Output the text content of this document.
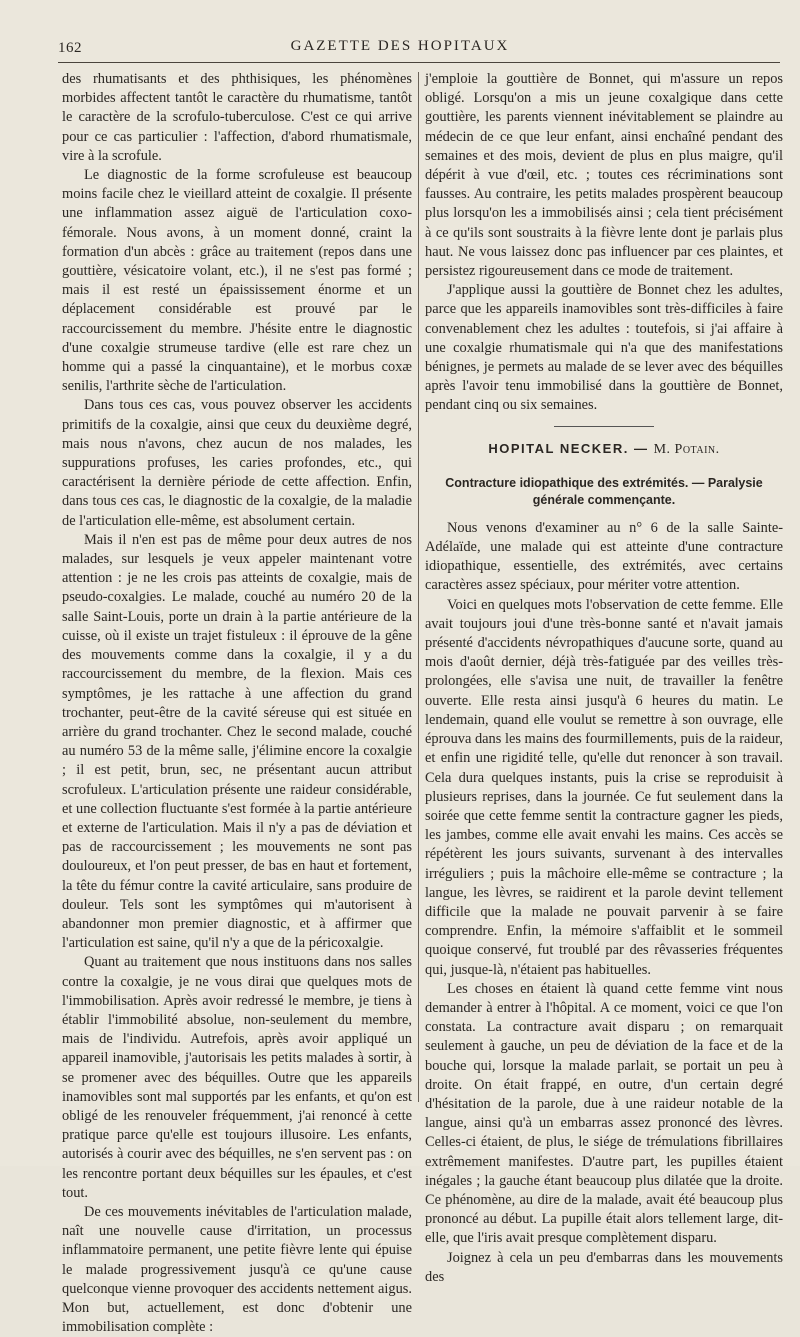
162	GAZETTE DES HOPITAUX

des rhumatisants et des phthisiques, les phénomènes morbides affectent tantôt le caractère du rhumatisme, tantôt le caractère de la scrofulo-tuberculose. C'est ce qui arrive pour ce cas particulier : l'affection, d'abord rhumatismale, vire à la scrofule.

Le diagnostic de la forme scrofuleuse est beaucoup moins facile chez le vieillard atteint de coxalgie. Il présente une inflammation assez aiguë de l'articulation coxo-fémorale. Nous avons, à un moment donné, craint la formation d'un abcès : grâce au traitement (repos dans une gouttière, vésicatoire volant, etc.), il ne s'est pas formé ; mais il est resté un épaississement énorme et un déplacement considérable est prouvé par le raccourcissement du membre. J'hésite entre le diagnostic d'une coxalgie strumeuse tardive (elle est rare chez un homme qui a passé la cinquantaine), et le morbus coxæ senilis, l'arthrite sèche de l'articulation.

Dans tous ces cas, vous pouvez observer les accidents primitifs de la coxalgie, ainsi que ceux du deuxième degré, mais nous n'avons, chez aucun de nos malades, les suppurations profuses, les caries profondes, etc., qui caractérisent la dernière période de cette affection. Enfin, dans tous ces cas, le diagnostic de la coxalgie, de la maladie de l'articulation elle-même, est absolument certain.

Mais il n'en est pas de même pour deux autres de nos malades, sur lesquels je veux appeler maintenant votre attention : je ne les crois pas atteints de coxalgie, mais de pseudo-coxalgies. Le malade, couché au numéro 20 de la salle Saint-Louis, porte un drain à la partie antérieure de la cuisse, où il existe un trajet fistuleux : il éprouve de la gêne des mouvements comme dans la coxalgie, il y a du raccourcissement du membre, de la flexion. Mais ces symptômes, je les rattache à une affection du grand trochanter, peut-être de la cavité séreuse qui est située en arrière du grand trochanter. Chez le second malade, couché au numéro 53 de la même salle, j'élimine encore la coxalgie ; il est petit, brun, sec, ne présentant aucun attribut scrofuleux. L'articulation présente une raideur considérable, et une collection fluctuante s'est formée à la partie antérieure et externe de l'articulation. Mais il n'y a pas de déviation et pas de raccourcissement ; les mouvements ne sont pas douloureux, et l'on peut presser, de bas en haut et fortement, la tête du fémur contre la cavité articulaire, sans produire de douleur. Tels sont les symptômes qui m'autorisent à abandonner mon premier diagnostic, et à affirmer que l'articulation est saine, qu'il n'y a que de la péricoxalgie.

Quant au traitement que nous instituons dans nos salles contre la coxalgie, je ne vous dirai que quelques mots de l'immobilisation. Après avoir redressé le membre, je tiens à établir l'immobilité absolue, non-seulement du membre, mais de l'individu. Autrefois, après avoir appliqué un appareil inamovible, j'autorisais les petits malades à sortir, à se promener avec des béquilles. Outre que les appareils inamovibles sont mal supportés par les enfants, et qu'on est obligé de les renouveler fréquemment, j'ai renoncé à cette pratique parce qu'elle est toujours illusoire. Les enfants, autorisés à courir avec des béquilles, ne s'en servent pas : on les rencontre portant deux béquilles sur les épaules, et c'est tout.

De ces mouvements inévitables de l'articulation malade, naît une nouvelle cause d'irritation, un processus inflammatoire permanent, une petite fièvre lente qui épuise le malade progressivement jusqu'à ce qu'une cause quelconque vienne provoquer des accidents nettement aigus. Mon but, actuellement, est donc d'obtenir une immobilisation complète :

j'emploie la gouttière de Bonnet, qui m'assure un repos obligé. Lorsqu'on a mis un jeune coxalgique dans cette gouttière, les parents viennent inévitablement se plaindre au médecin de ce que leur enfant, ainsi enchaîné pendant des semaines et des mois, devient de plus en plus maigre, qu'il dépérit à vue d'œil, etc. ; toutes ces récriminations sont fausses. Au contraire, les petits malades prospèrent beaucoup plus lorsqu'on les a immobilisés ainsi ; cela tient précisément à ce qu'ils sont soustraits à la fièvre lente dont je parlais plus haut. Ne vous laissez donc pas influencer par ces plaintes, et persistez rigoureusement dans ce mode de traitement.

J'applique aussi la gouttière de Bonnet chez les adultes, parce que les appareils inamovibles sont très-difficiles à faire convenablement chez les adultes : toutefois, si j'ai affaire à une coxalgie rhumatismale qui n'a que des manifestations bénignes, je permets au malade de se lever avec des béquilles après l'avoir tenu immobilisé dans la gouttière de Bonnet, pendant cinq ou six semaines.

HOPITAL NECKER. — M. Potain.
Contracture idiopathique des extrémités. — Paralysie générale commençante.

Nous venons d'examiner au n° 6 de la salle Sainte-Adélaïde, une malade qui est atteinte d'une contracture idiopathique, essentielle, des extrémités, avec certains caractères assez spéciaux, pour mériter votre attention.

Voici en quelques mots l'observation de cette femme. Elle avait toujours joui d'une très-bonne santé et n'avait jamais présenté d'accidents névropathiques d'aucune sorte, quand au mois d'août dernier, déjà très-fatiguée par des veilles très-prolongées, elle s'avisa une nuit, de travailler la fenêtre ouverte. Elle resta ainsi jusqu'à 6 heures du matin. Le lendemain, quand elle voulut se remettre à son ouvrage, elle éprouva dans les mains des fourmillements, puis de la raideur, et enfin une rigidité telle, qu'elle dut renoncer à son travail. Cela dura quelques instants, puis la crise se reproduisit à plusieurs reprises, dans la journée. Ce fut seulement dans la soirée que cette femme sentit la contracture gagner les pieds, les jambes, comme elle avait envahi les mains. Ces accès se répétèrent les jours suivants, survenant à des intervalles irréguliers ; puis la mâchoire elle-même se contracture ; la langue, les lèvres, se raidirent et la parole devint tellement difficile que la malade ne pouvait parvenir à se faire comprendre. Enfin, la mémoire s'affaiblit et le sommeil quoique conservé, fut troublé par des rêvasseries fréquentes qui, jusque-là, n'étaient pas habituelles.

Les choses en étaient là quand cette femme vint nous demander à entrer à l'hôpital. A ce moment, voici ce que l'on constata. La contracture avait disparu ; on remarquait seulement à gauche, un peu de déviation de la face et de la bouche qui, lorsque la malade parlait, se portait un peu à droite. On était frappé, en outre, d'un certain degré d'hésitation de la parole, due à une raideur notable de la langue, ainsi qu'à un embarras assez prononcé des lèvres. Celles-ci étaient, de plus, le siége de trémulations fibrillaires extrêmement manifestes. D'autre part, les pupilles étaient inégales ; la gauche étant beaucoup plus dilatée que la droite. Ce phénomène, au dire de la malade, avait été beaucoup plus prononcé au début. La pupille était alors tellement large, dit-elle, que l'iris avait presque complètement disparu.

Joignez à cela un peu d'embarras dans les mouvements des
